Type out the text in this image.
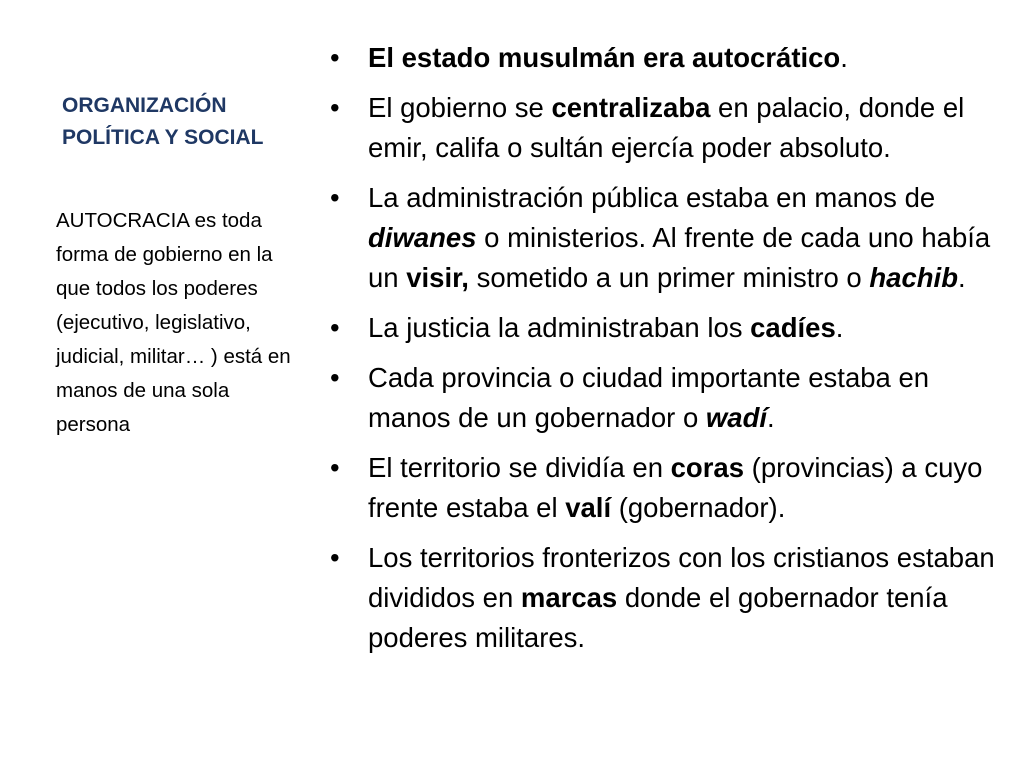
ORGANIZACIÓN
POLÍTICA Y SOCIAL
AUTOCRACIA es toda forma de gobierno en la que todos los poderes (ejecutivo, legislativo, judicial, militar… ) está en manos de una sola persona
• El estado musulmán era autocrático.
• El gobierno se centralizaba en palacio, donde el emir, califa o sultán ejercía poder absoluto.
• La administración pública estaba en manos de diwanes o ministerios. Al frente de cada uno había un visir, sometido a un primer ministro o hachib.
• La justicia la administraban los cadíes.
• Cada provincia o ciudad importante estaba en manos de un gobernador o wadí.
• El territorio se dividía en coras (provincias) a cuyo frente estaba el valí (gobernador).
• Los territorios fronterizos con los cristianos estaban divididos en marcas donde el gobernador tenía poderes militares.
